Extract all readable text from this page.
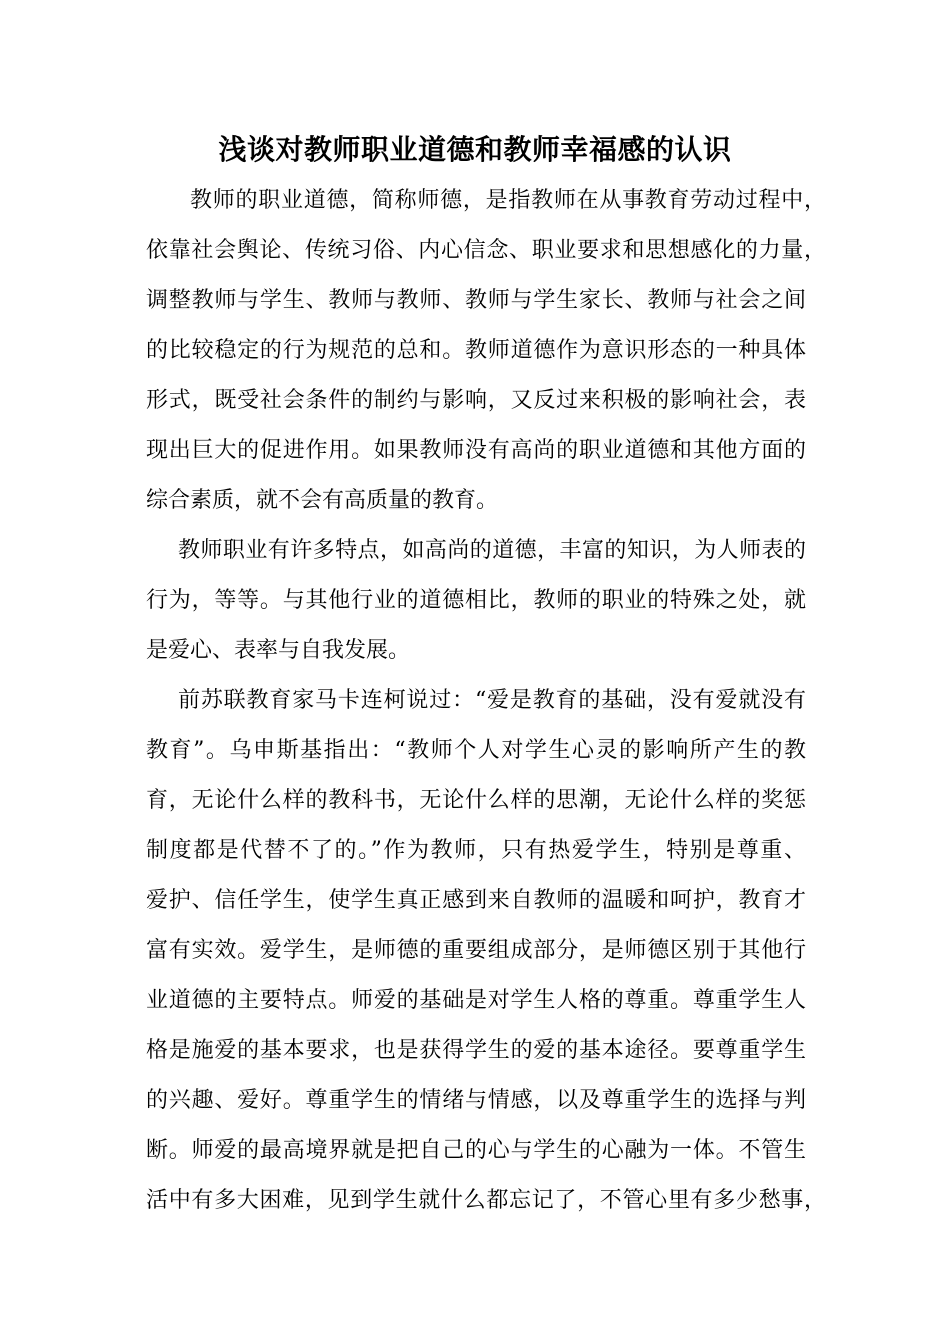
浅谈对教师职业道德和教师幸福感的认识
教师的职业道德，简称师德，是指教师在从事教育劳动过程中，
依靠社会舆论、传统习俗、内心信念、职业要求和思想感化的力量，
调整教师与学生、教师与教师、教师与学生家长、教师与社会之间
的比较稳定的行为规范的总和。教师道德作为意识形态的一种具体
形式，既受社会条件的制约与影响，又反过来积极的影响社会，表
现出巨大的促进作用。如果教师没有高尚的职业道德和其他方面的
综合素质，就不会有高质量的教育。
教师职业有许多特点，如高尚的道德，丰富的知识，为人师表的
行为，等等。与其他行业的道德相比，教师的职业的特殊之处，就
是爱心、表率与自我发展。
前苏联教育家马卡连柯说过：“爱是教育的基础，没有爱就没有
教育”。乌申斯基指出：“教师个人对学生心灵的影响所产生的教
育，无论什么样的教科书，无论什么样的思潮，无论什么样的奖惩
制度都是代替不了的。”作为教师，只有热爱学生，特别是尊重、
爱护、信任学生，使学生真正感到来自教师的温暖和呵护，教育才
富有实效。爱学生，是师德的重要组成部分，是师德区别于其他行
业道德的主要特点。师爱的基础是对学生人格的尊重。尊重学生人
格是施爱的基本要求，也是获得学生的爱的基本途径。要尊重学生
的兴趣、爱好。尊重学生的情绪与情感，以及尊重学生的选择与判
断。师爱的最高境界就是把自己的心与学生的心融为一体。不管生
活中有多大困难，见到学生就什么都忘记了，不管心里有多少愁事，
